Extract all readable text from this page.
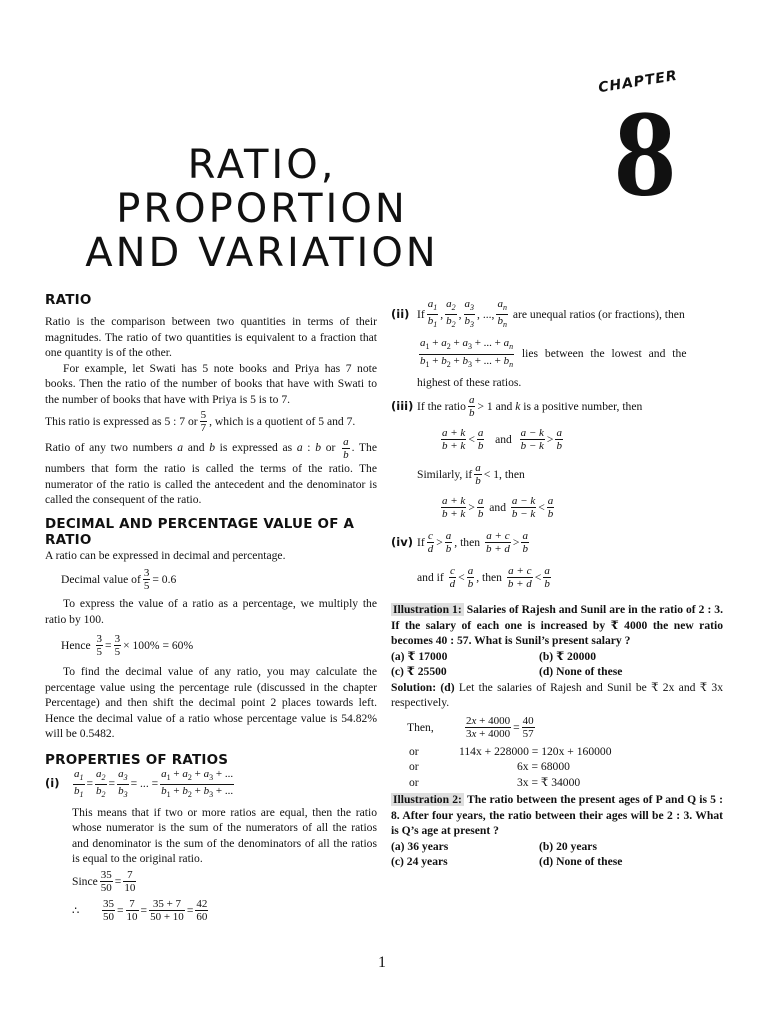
CHAPTER
8
RATIO, PROPORTION
AND VARIATION
RATIO

Ratio is the comparison between two quantities in terms of their magnitudes. The ratio of two quantities is equivalent to a fraction that one quantity is of the other.

For example, let Swati has 5 note books and Priya has 7 note books. Then the ratio of the number of books that have with Swati to the number of books that have with Priya is 5 is to 7.

This ratio is expressed as 5 : 7 or 5
7
, which is a quotient of 5 and 7.

Ratio of any two numbers a and b is expressed as a : b or $\frac{a}{b}$ . The numbers that form the ratio is called the terms of the ratio. The numerator of the ratio is called the antecedent and the denominator is called the consequent of the ratio.

DECIMAL AND PERCENTAGE VALUE OF A RATIO

A ratio can be expressed in decimal and percentage.

Decimal value of $\frac{3}{5} = 0.6$

To express the value of a ratio as a percentage, we multiply the ratio by 100.

Hence
3
5
= $\frac{3}{5} \times 100\% = 60\%$

To find the decimal value of any ratio, you may calculate the percentage value using the percentage rule (discussed in the chapter Percentage) and then shift the decimal point 2 places towards left. Hence the decimal value of a ratio whose percentage value is 54.82% will be 0.5482.

PROPERTIES OF RATIOS
(i)
$a_1$
$b_1$
=
$a_2$
$b_2$
=
$a_3$
$b_3$
= ... =
$a_1 + a_2 + a_3$ + ...
$b_1 + b_2 + b_3$ + ...

This means that if two or more ratios are equal, then the ratio whose numerator is the sum of the numerators of all the ratios and denominator is the sum of the denominators of all the ratios is equal to the original ratio.

Since 35
50
= 7
10
∴	35
50
= 7
10
= 35 + 7
50 + 10
= 42
60
(ii) If
$a_1$
$b_1$
,
$a_2$
$b_2$
,
$a_3$
$b_3$
, ...,
$a_n$
$b_n$

are unequal ratios (or fractions), then
$a_1 + a_2 + a_3$ + ... + $a_n$
$b_1 + b_2 + b_3$ + ... + $b_n$

lies between the lowest and the

highest of these ratios.

(iii) If the ratio a
b
> 1 and
k
is a positive number, then
a + k
b + k
< a
b

and
a − k
b − k
> a
b
Similarly, if a
b
< 1 , then
a + k
b + k
> a
b

and
a − k
b − k
< a
b
(iv) If c
d
> a
b
, then
a + c
b + d
> a
b
and if
c
d
< a
b
, then
a + c
b + d
< a
b

Illustration 1: Salaries of Rajesh and Sunil are in the ratio of 2 : 3. If the salary of each one is increased by ₹ 4000 the new ratio becomes 40 : 57. What is Sunil’s present salary ?

(a) ₹ 17000	(b) ₹ 20000
(c) ₹ 25500	(d) None of these

Solution: (d) Let the salaries of Rajesh and Sunil be ₹ 2x and ₹ 3x respectively.

Then,	2x + 4000
3x + 4000
= 40
57
or	114x + 228000 = 120x + 160000
or	6x = 68000
or	3x = ₹ 34000

Illustration 2: The ratio between the present ages of P and Q is 5 : 8. After four years, the ratio between their ages will be 2 : 3. What is Q’s age at present ?

(a) 36 years	(b) 20 years
(c) 24 years	(d) None of these
1
